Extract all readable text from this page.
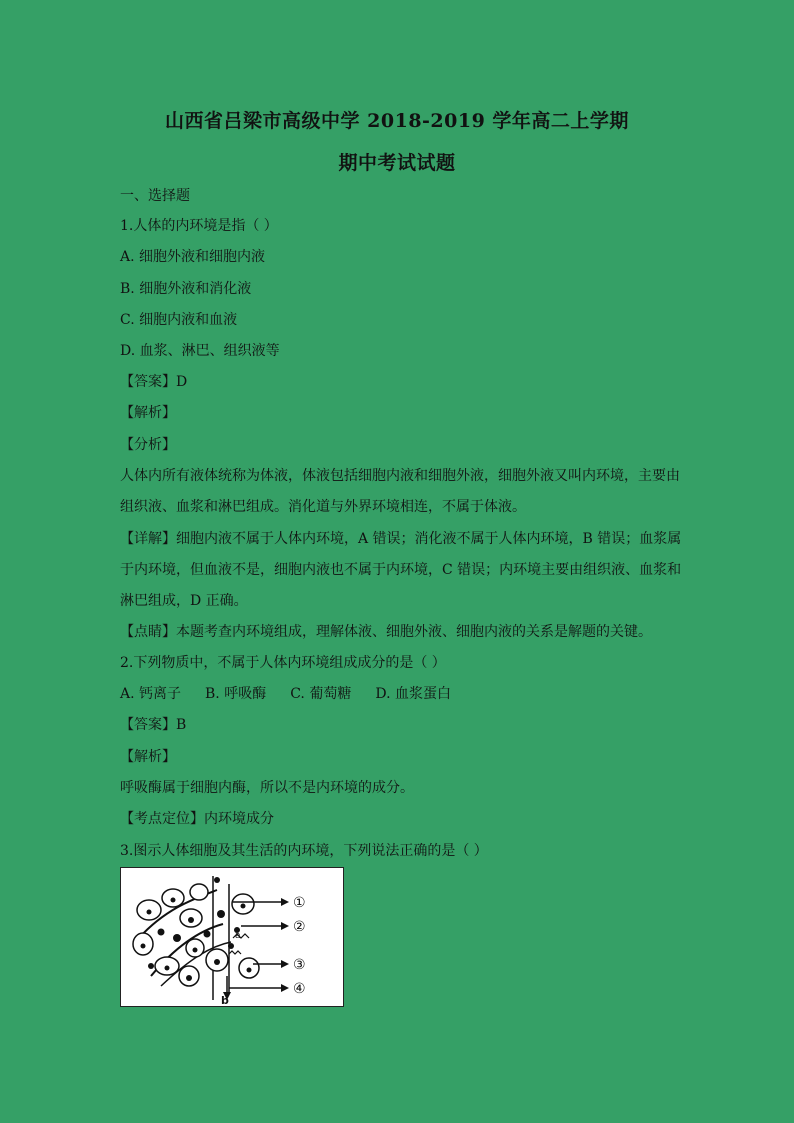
山西省吕梁市高级中学 2018-2019 学年高二上学期
期中考试试题
一、选择题
1.人体的内环境是指（ ）
A. 细胞外液和细胞内液
B. 细胞外液和消化液
C. 细胞内液和血液
D. 血浆、淋巴、组织液等
【答案】D
【解析】
【分析】
人体内所有液体统称为体液，体液包括细胞内液和细胞外液，细胞外液又叫内环境，主要由
组织液、血浆和淋巴组成。消化道与外界环境相连，不属于体液。
【详解】细胞内液不属于人体内环境，A 错误；消化液不属于人体内环境，B 错误；血浆属
于内环境，但血液不是，细胞内液也不属于内环境，C 错误；内环境主要由组织液、血浆和
淋巴组成，D 正确。
【点睛】本题考查内环境组成，理解体液、细胞外液、细胞内液的关系是解题的关键。
2.下列物质中，不属于人体内环境组成成分的是（ ）
A. 钙离子 B. 呼吸酶 C. 葡萄糖 D. 血浆蛋白
【答案】B
【解析】
呼吸酶属于细胞内酶，所以不是内环境的成分。
【考点定位】内环境成分
3.图示人体细胞及其生活的内环境，下列说法正确的是（ ）
①
②
③
④
a
b
